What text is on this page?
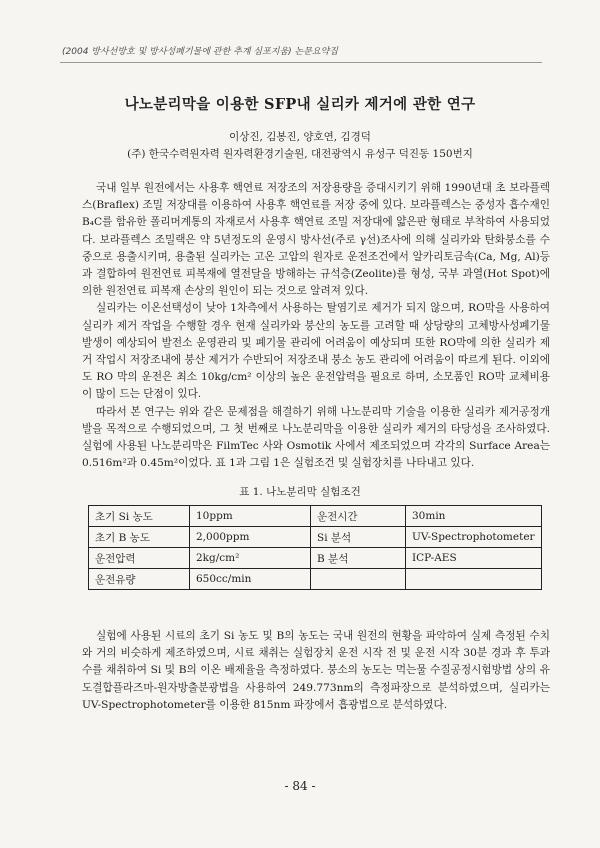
(2004 방사선방호 및 방사성폐기물에 관한 추계 심포지움) 논문요약집
나노분리막을 이용한 SFP내 실리카 제거에 관한 연구
이상진, 김봉진, 양호연, 김경덕
(주) 한국수력원자력 원자력환경기술원, 대전광역시 유성구 덕진동 150번지

국내 일부 원전에서는 사용후 핵연료 저장조의 저장용량을 증대시키기 위해 1990년대 초 보라플렉스(Braflex) 조밀 저장대를 이용하여 사용후 핵연료를 저장 중에 있다. 보라플렉스는 중성자 흡수재인 B₄C를 함유한 폴리머계통의 자재로서 사용후 핵연료 조밀 저장대에 얇은판 형태로 부착하여 사용되었다. 보라플렉스 조밀랙은 약 5년정도의 운영시 방사선(주로 γ선)조사에 의해 실리카와 탄화붕소를 수중으로 용출시키며, 용출된 실리카는 고온 고압의 원자로 운전조건에서 알카리토금속(Ca, Mg, Al)등과 결합하여 원전연료 피복재에 열전달을 방해하는 규석층(Zeolite)를 형성, 국부 과열(Hot Spot)에 의한 원전연료 피복재 손상의 원인이 되는 것으로 알려져 있다.

실리카는 이온선택성이 낮아 1차측에서 사용하는 탈염기로 제거가 되지 않으며, RO막을 사용하여 실리카 제거 작업을 수행할 경우 현재 실리카와 붕산의 농도를 고려할 때 상당량의 고체방사성폐기물 발생이 예상되어 발전소 운영관리 및 폐기물 관리에 어려움이 예상되며 또한 RO막에 의한 실리카 제거 작업시 저장조내에 붕산 제거가 수반되어 저장조내 붕소 농도 관리에 어려움이 따르게 된다. 이외에도 RO 막의 운전은 최소 10kg/cm² 이상의 높은 운전압력을 필요로 하며, 소모품인 RO막 교체비용이 많이 드는 단점이 있다.

따라서 본 연구는 위와 같은 문제점을 해결하기 위해 나노분리막 기술을 이용한 실리카 제거공정개발을 목적으로 수행되었으며, 그 첫 번째로 나노분리막을 이용한 실리카 제거의 타당성을 조사하였다. 실험에 사용된 나노분리막은 FilmTec 사와 Osmotik 사에서 제조되었으며 각각의 Surface Area는 0.516m²과 0.45m²이었다. 표 1과 그림 1은 실험조건 및 실험장치를 나타내고 있다.

표 1. 나노분리막 실험조건
초기 Si 농도	10ppm	운전시간	30min
초기 B 농도	2,000ppm	Si 분석	UV-Spectrophotometer
운전압력	2kg/cm²	B 분석	ICP-AES
운전유량	650cc/min		

실험에 사용된 시료의 초기 Si 농도 및 B의 농도는 국내 원전의 현황을 파악하여 실제 측정된 수치와 거의 비슷하게 제조하였으며, 시료 채취는 실험장치 운전 시작 전 및 운전 시작 30분 경과 후 투과수를 채취하여 Si 및 B의 이온 배제율을 측정하였다. 붕소의 농도는 먹는물 수질공정시험방법 상의 유도결합플라즈마-원자방출분광법을 사용하여 249.773nm의 측정파장으로 분석하였으며, 실리카는 UV-Spectrophotometer를 이용한 815nm 파장에서 흡광법으로 분석하였다.

- 84 -
